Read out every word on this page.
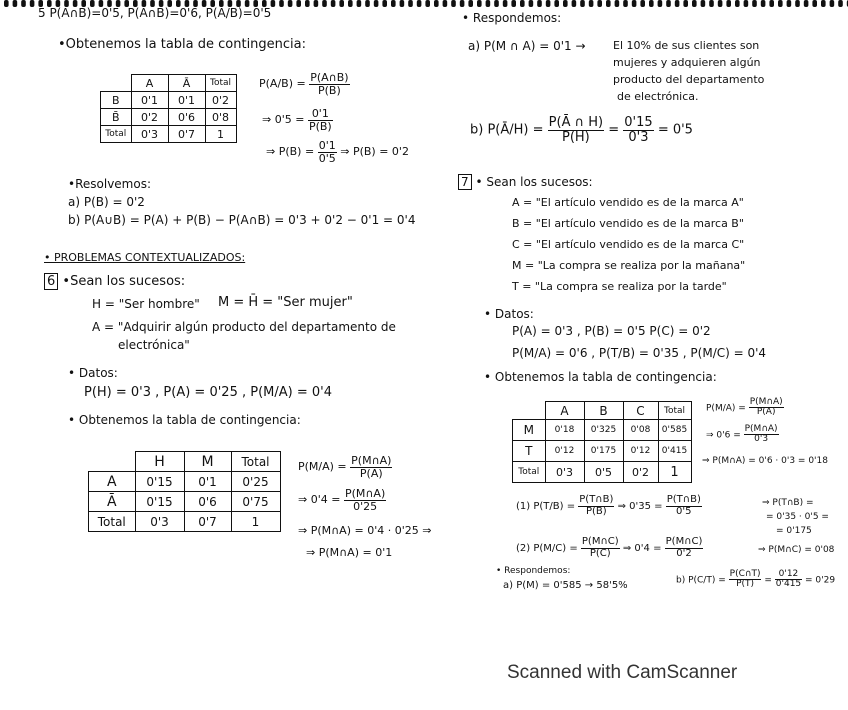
5 P(A∩B)=0'5, P(Ā∩B)=0'6, P(A/B)=0'5
•Obtenemos la tabla de contingencia:
	A	Ā	Total
B	0'1	0'1	0'2
B̄	0'2	0'6	0'8
Total	0'3	0'7	1
$P(A/B) = \frac{P(A\cap B)}{P(B)}$
⇒ $0'5 = \frac{0'1}{P(B)}$
⇒ $P(B) = \frac{0'1}{0'5}$ ⇒ P(B) = 0'2
•Resolvemos:
a) P(B) = 0'2
b) P(A∪B) = P(A) + P(B) − P(A∩B) = 0'3 + 0'2 − 0'1 = 0'4
• PROBLEMAS CONTEXTUALIZADOS:
6 •Sean los sucesos:
H = "Ser hombre" M = H̄ = "Ser mujer"
A = "Adquirir algún producto del departamento de
electrónica"
• Datos:
P(H) = 0'3 , P(A) = 0'25 , P(M/A) = 0'4
• Obtenemos la tabla de contingencia:
	H	M	Total
A	0'15	0'1	0'25
Ā	0'15	0'6	0'75
Total	0'3	0'7	1
$P(M/A) = \frac{P(M\cap A)}{P(A)}$
⇒ $0'4 = \frac{P(M\cap A)}{0'25}$
⇒ P(M∩A) = 0'4 · 0'25 ⇒
⇒ P(M∩A) = 0'1
• Respondemos:
a) P(M ∩ A) = 0'1 → El 10% de sus clientes son
mujeres y adquieren algún
producto del departamento
de electrónica.
b) P(Ā/H) = $\frac{P(Ā \cap H)}{P(H)} = \frac{0'15}{0'3} = 0'5$
7 • Sean los sucesos:
A = "El artículo vendido es de la marca A"
B = "El artículo vendido es de la marca B"
C = "El artículo vendido es de la marca C"
M = "La compra se realiza por la mañana"
T = "La compra se realiza por la tarde"
• Datos:
P(A) = 0'3 , P(B) = 0'5 P(C) = 0'2
P(M/A) = 0'6 , P(T/B) = 0'35 , P(M/C) = 0'4
• Obtenemos la tabla de contingencia:
	A	B	C	Total
M	0'18	0'325	0'08	0'585
T	0'12	0'175	0'12	0'415
Total	0'3	0'5	0'2	1
$P(M/A) = \frac{P(M\cap A)}{P(A)}$
⇒ $0'6 = \frac{P(M\cap A)}{0'3}$
⇒ P(M∩A) = 0'6 · 0'3 = 0'18
(1) $P(T/B) = \frac{P(T\cap B)}{P(B)}$ ⇒ $0'35 = \frac{P(T\cap B)}{0'5}$	⇒ P(T∩B) =
= 0'35 · 0'5 =
= 0'175
(2) $P(M/C) = \frac{P(M\cap C)}{P(C)}$ ⇒ $0'4 = \frac{P(M\cap C)}{0'2}$	⇒ P(M∩C) = 0'08
• Respondemos:
a) P(M) = 0'585 → 58'5%	b) $P(C/T) = \frac{P(C\cap T)}{P(T)} = \frac{0'12}{0'415} = 0'29$
Scanned with CamScanner
